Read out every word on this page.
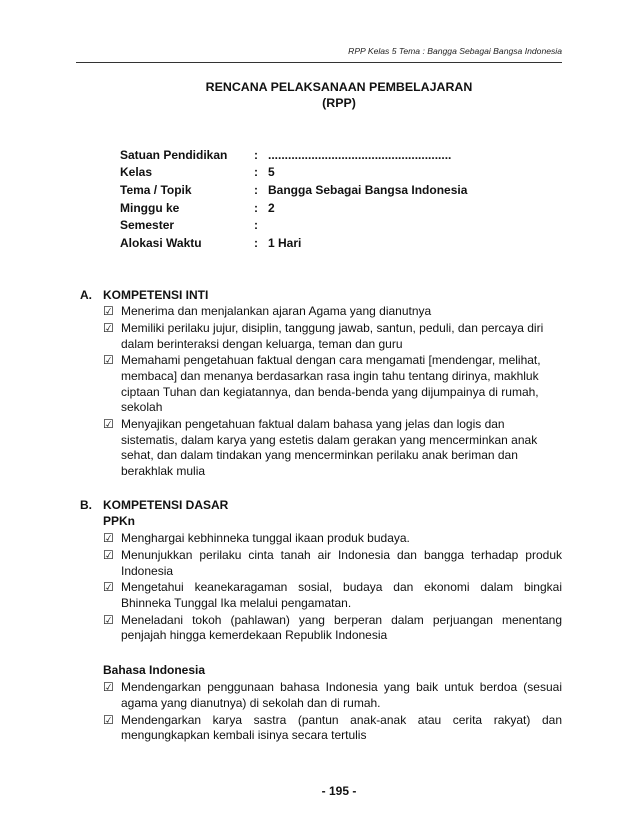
RPP Kelas 5 Tema : Bangga Sebagai Bangsa Indonesia
RENCANA PELAKSANAAN PEMBELAJARAN
(RPP)
Satuan Pendidikan	: .......................................................
Kelas	: 5
Tema / Topik	: Bangga Sebagai Bangsa Indonesia
Minggu ke	: 2
Semester	:
Alokasi Waktu	: 1 Hari
A. KOMPETENSI INTI
☑ Menerima dan menjalankan ajaran Agama yang dianutnya
☑ Memiliki perilaku jujur, disiplin, tanggung jawab, santun, peduli, dan percaya diri dalam berinteraksi dengan keluarga, teman dan guru
☑ Memahami pengetahuan faktual dengan cara mengamati [mendengar, melihat, membaca] dan menanya berdasarkan rasa ingin tahu tentang dirinya, makhluk ciptaan Tuhan dan kegiatannya, dan benda-benda yang dijumpainya di rumah, sekolah
☑ Menyajikan pengetahuan faktual dalam bahasa yang jelas dan logis dan sistematis, dalam karya yang estetis dalam gerakan yang mencerminkan anak sehat, dan dalam tindakan yang mencerminkan perilaku anak beriman dan berakhlak mulia
B. KOMPETENSI DASAR
PPKn
☑ Menghargai kebhinneka tunggal ikaan produk budaya.
☑ Menunjukkan perilaku cinta tanah air Indonesia dan bangga terhadap produk Indonesia
☑ Mengetahui keanekaragaman sosial, budaya dan ekonomi dalam bingkai Bhinneka Tunggal Ika melalui pengamatan.
☑ Meneladani tokoh (pahlawan) yang berperan dalam perjuangan menentang penjajah hingga kemerdekaan Republik Indonesia
Bahasa Indonesia
☑ Mendengarkan penggunaan bahasa Indonesia yang baik untuk berdoa (sesuai agama yang dianutnya) di sekolah dan di rumah.
☑ Mendengarkan karya sastra (pantun anak-anak atau cerita rakyat) dan mengungkapkan kembali isinya secara tertulis
- 195 -
